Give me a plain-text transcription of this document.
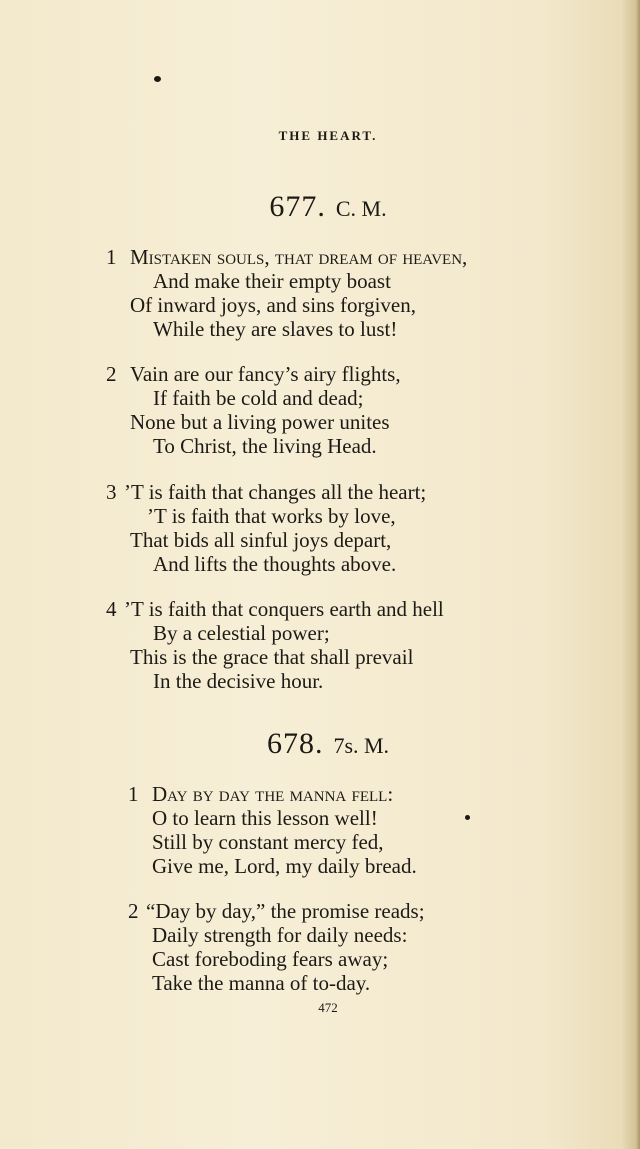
THE HEART.
677. C. M.
1 Mistaken souls, that dream of heaven,
And make their empty boast
Of inward joys, and sins forgiven,
While they are slaves to lust!
2 Vain are our fancy’s airy flights,
If faith be cold and dead;
None but a living power unites
To Christ, the living Head.
3 ’T is faith that changes all the heart;
’T is faith that works by love,
That bids all sinful joys depart,
And lifts the thoughts above.
4 ’T is faith that conquers earth and hell
By a celestial power;
This is the grace that shall prevail
In the decisive hour.
678. 7s. M.
1 Day by day the manna fell:
O to learn this lesson well!
Still by constant mercy fed,
Give me, Lord, my daily bread.
2 “Day by day,” the promise reads;
Daily strength for daily needs:
Cast foreboding fears away;
Take the manna of to-day.
472
